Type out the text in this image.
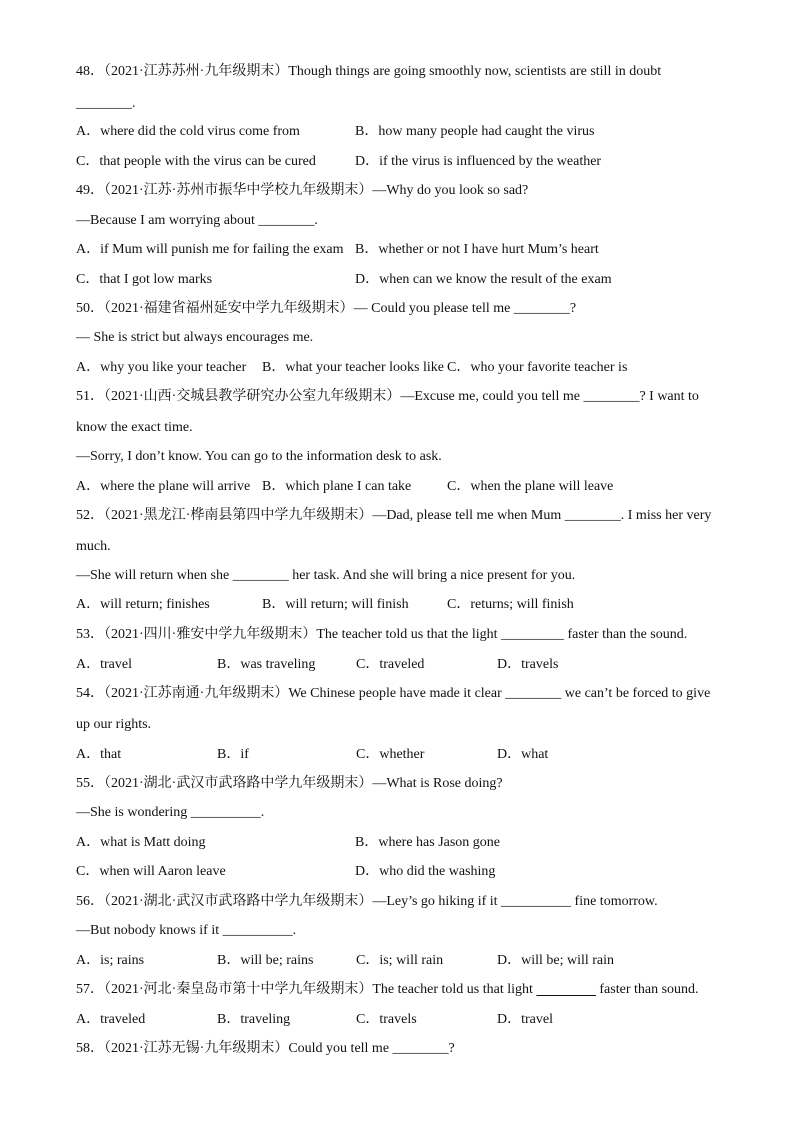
48．（2021·江苏苏州·九年级期末）Though things are going smoothly now, scientists are still in doubt
________.
A．where did the cold virus come from	B．how many people had caught the virus
C．that people with the virus can be cured	D．if the virus is influenced by the weather
49．（2021·江苏·苏州市振华中学校九年级期末）—Why do you look so sad?
—Because I am worrying about ________.
A．if Mum will punish me for failing the exam B．whether or not I have hurt Mum’s heart
C．that I got low marks	D．when can we know the result of the exam
50．（2021·福建省福州延安中学九年级期末）— Could you please tell me ________?
— She is strict but always encourages me.
A．why you like your teacher B．what your teacher looks like C．who your favorite teacher is
51．（2021·山西·交城县教学研究办公室九年级期末）—Excuse me, could you tell me ________? I want to
know the exact time.
—Sorry, I don’t know. You can go to the information desk to ask.
A．where the plane will arrive B．which plane I can take	C．when the plane will leave
52．（2021·黑龙江·桦南县第四中学九年级期末）—Dad, please tell me when Mum ________. I miss her very
much.
—She will return when she ________ her task. And she will bring a nice present for you.
A．will return; finishes	B．will return; will finish	C．returns; will finish
53．（2021·四川·雅安中学九年级期末）The teacher told us that the light _________ faster than the sound.
A．travel	B．was traveling	C．traveled	D．travels
54．（2021·江苏南通·九年级期末）We Chinese people have made it clear ________ we can’t be forced to give
up our rights.
A．that	B．if	C．whether	D．what
55．（2021·湖北·武汉市武珞路中学九年级期末）—What is Rose doing?
—She is wondering __________.
A．what is Matt doing	B．where has Jason gone
C．when will Aaron leave	D．who did the washing
56．（2021·湖北·武汉市武珞路中学九年级期末）—Ley’s go hiking if it __________ fine tomorrow.
—But nobody knows if it __________.
A．is; rains	B．will be; rains	C．is; will rain	D．will be; will rain
57．（2021·河北·秦皇岛市第十中学九年级期末）The teacher told us that light	faster than sound.
A．traveled	B．traveling	C．travels	D．travel
58．（2021·江苏无锡·九年级期末）Could you tell me ________?
